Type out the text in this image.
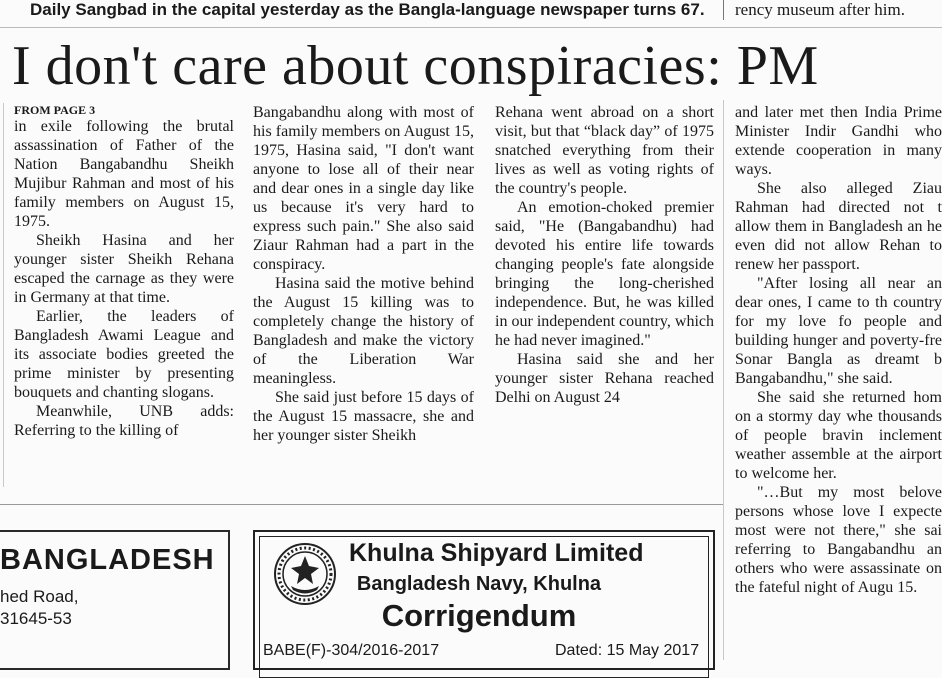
Daily Sangbad in the capital yesterday as the Bangla-language newspaper turns 67. rency museum after him.
I don't care about conspiracies: PM
FROM PAGE 3

in exile following the brutal assassination of Father of the Nation Bangabandhu Sheikh Mujibur Rahman and most of his family members on August 15, 1975.

Sheikh Hasina and her younger sister Sheikh Rehana escaped the carnage as they were in Germany at that time.

Earlier, the leaders of Bangladesh Awami League and its associate bodies greeted the prime minister by presenting bouquets and chanting slogans.

Meanwhile, UNB adds: Referring to the killing of

Bangabandhu along with most of his family members on August 15, 1975, Hasina said, "I don't want anyone to lose all of their near and dear ones in a single day like us because it's very hard to express such pain." She also said Ziaur Rahman had a part in the conspiracy.

Hasina said the motive behind the August 15 killing was to completely change the history of Bangladesh and make the victory of the Liberation War meaningless.

She said just before 15 days of the August 15 massacre, she and her younger sister Sheikh

Rehana went abroad on a short visit, but that “black day” of 1975 snatched everything from their lives as well as voting rights of the country's people.

An emotion-choked premier said, "He (Bangabandhu) had devoted his entire life towards changing people's fate alongside bringing the long-cherished independence. But, he was killed in our independent country, which he had never imagined."

Hasina said she and her younger sister Rehana reached Delhi on August 24

and later met then India Prime Minister Indir Gandhi who extende cooperation in many ways.

She also alleged Ziau Rahman had directed not t allow them in Bangladesh an he even did not allow Rehan to renew her passport.

"After losing all near an dear ones, I came to th country for my love fo people and building hunger and poverty-fre Sonar Bangla as dreamt b Bangabandhu," she said.

She said she returned hom on a stormy day whe thousands of people bravin inclement weather assemble at the airport to welcome her.

"…But my most belove persons whose love I expecte most were not there," she sai referring to Bangabandhu an others who were assassinate on the fateful night of Augu 15.

BANGLADESH
hed Road,
31645-53
Khulna Shipyard Limited
Bangladesh Navy, Khulna
Corrigendum
BABE(F)-304/2016-2017	Dated: 15 May 2017
